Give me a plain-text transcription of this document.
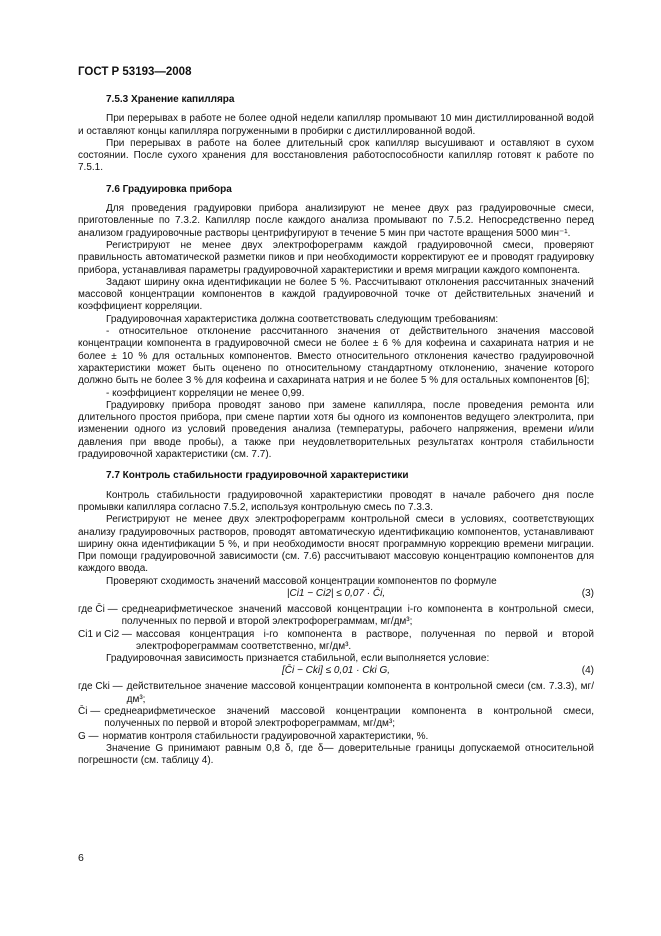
ГОСТ Р 53193—2008
7.5.3 Хранение капилляра

При перерывах в работе не более одной недели капилляр промывают 10 мин дистиллированной водой и оставляют концы капилляра погруженными в пробирки с дистиллированной водой.

При перерывах в работе на более длительный срок капилляр высушивают и оставляют в сухом состоянии. После сухого хранения для восстановления работоспособности капилляр готовят к работе по 7.5.1.

7.6 Градуировка прибора

Для проведения градуировки прибора анализируют не менее двух раз градуировочные смеси, приготовленные по 7.3.2. Капилляр после каждого анализа промывают по 7.5.2. Непосредственно перед анализом градуировочные растворы центрифугируют в течение 5 мин при частоте вращения 5000 мин⁻¹.

Регистрируют не менее двух электрофореграмм каждой градуировочной смеси, проверяют правильность автоматической разметки пиков и при необходимости корректируют ее и проводят градуировку прибора, устанавливая параметры градуировочной характеристики и время миграции каждого компонента.

Задают ширину окна идентификации не более 5 %. Рассчитывают отклонения рассчитанных значений массовой концентрации компонентов в каждой градуировочной точке от действительных значений и коэффициент корреляции.

Градуировочная характеристика должна соответствовать следующим требованиям:

- относительное отклонение рассчитанного значения от действительного значения массовой концентрации компонента в градуировочной смеси не более ± 6 % для кофеина и сахарината натрия и не более ± 10 % для остальных компонентов. Вместо относительного отклонения качество градуировочной характеристики может быть оценено по относительному стандартному отклонению, значение которого должно быть не более 3 % для кофеина и сахарината натрия и не более 5 % для остальных компонентов [6];

- коэффициент корреляции не менее 0,99.

Градуировку прибора проводят заново при замене капилляра, после проведения ремонта или длительного простоя прибора, при смене партии хотя бы одного из компонентов ведущего электролита, при изменении одного из условий проведения анализа (температуры, рабочего напряжения, времени и/или давления при вводе пробы), а также при неудовлетворительных результатах контроля стабильности градуировочной характеристики (см. 7.7).

7.7 Контроль стабильности градуировочной характеристики

Контроль стабильности градуировочной характеристики проводят в начале рабочего дня после промывки капилляра согласно 7.5.2, используя контрольную смесь по 7.3.3.

Регистрируют не менее двух электрофореграмм контрольной смеси в условиях, соответствующих анализу градуировочных растворов, проводят автоматическую идентификацию компонентов, устанавливают ширину окна идентификации 5 %, и при необходимости вносят программную коррекцию времени миграции. При помощи градуировочной зависимости (см. 7.6) рассчитывают массовую концентрацию компонентов для каждого ввода.

Проверяют сходимость значений массовой концентрации компонентов по формуле

|Ci1 − Ci2| ≤ 0,07 · C̄i,	(3)
где C̄i — среднеарифметическое значений массовой концентрации i-го компонента в контрольной смеси, полученных по первой и второй электрофореграммам, мг/дм³;
Ci1 и Ci2 — массовая концентрация i-го компонента в растворе, полученная по первой и второй электрофореграммам соответственно, мг/дм³.

Градуировочная зависимость признается стабильной, если выполняется условие:

[C̄i − Cki] ≤ 0,01 · Cki G,	(4)
где Cki — действительное значение массовой концентрации компонента в контрольной смеси (см. 7.3.3), мг/дм³;
C̄i — среднеарифметическое значений массовой концентрации компонента в контрольной смеси, полученных по первой и второй электрофореграммам, мг/дм³;
G — норматив контроля стабильности градуировочной характеристики, %.

Значение G принимают равным 0,8 δ, где δ— доверительные границы допускаемой относительной погрешности (см. таблицу 4).

6
